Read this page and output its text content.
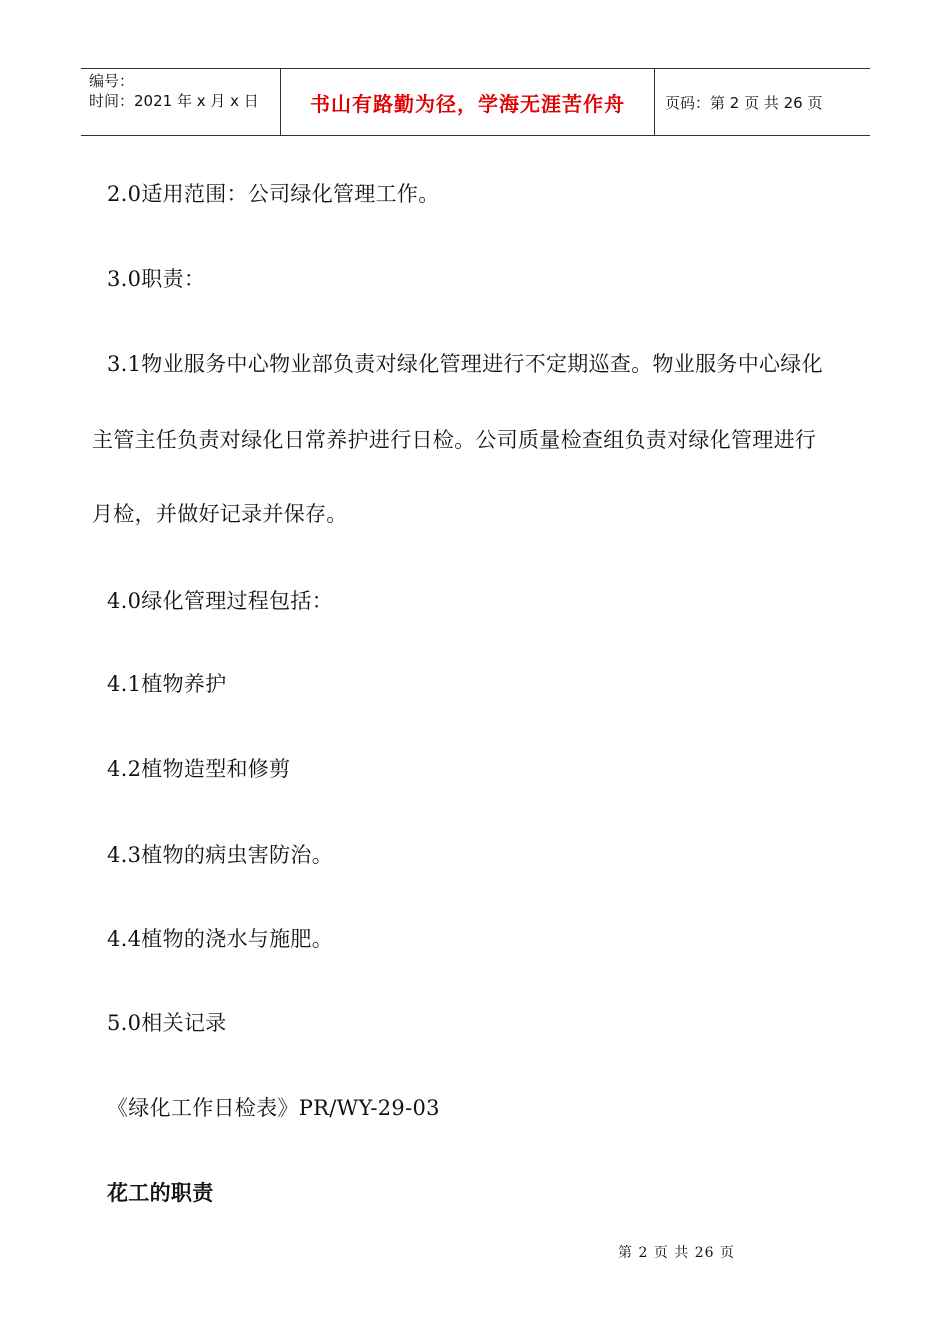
编号：
时间：2021 年 x 月 x 日	书山有路勤为径，学海无涯苦作舟	页码：第 2 页 共 26 页
2.0适用范围：公司绿化管理工作。
3.0职责：
3.1物业服务中心物业部负责对绿化管理进行不定期巡查。物业服务中心绿化
主管主任负责对绿化日常养护进行日检。公司质量检查组负责对绿化管理进行
月检，并做好记录并保存。
4.0绿化管理过程包括：
4.1植物养护
4.2植物造型和修剪
4.3植物的病虫害防治。
4.4植物的浇水与施肥。
5.0相关记录
《绿化工作日检表》PR/WY-29-03
花工的职责
第 2 页 共 26 页
